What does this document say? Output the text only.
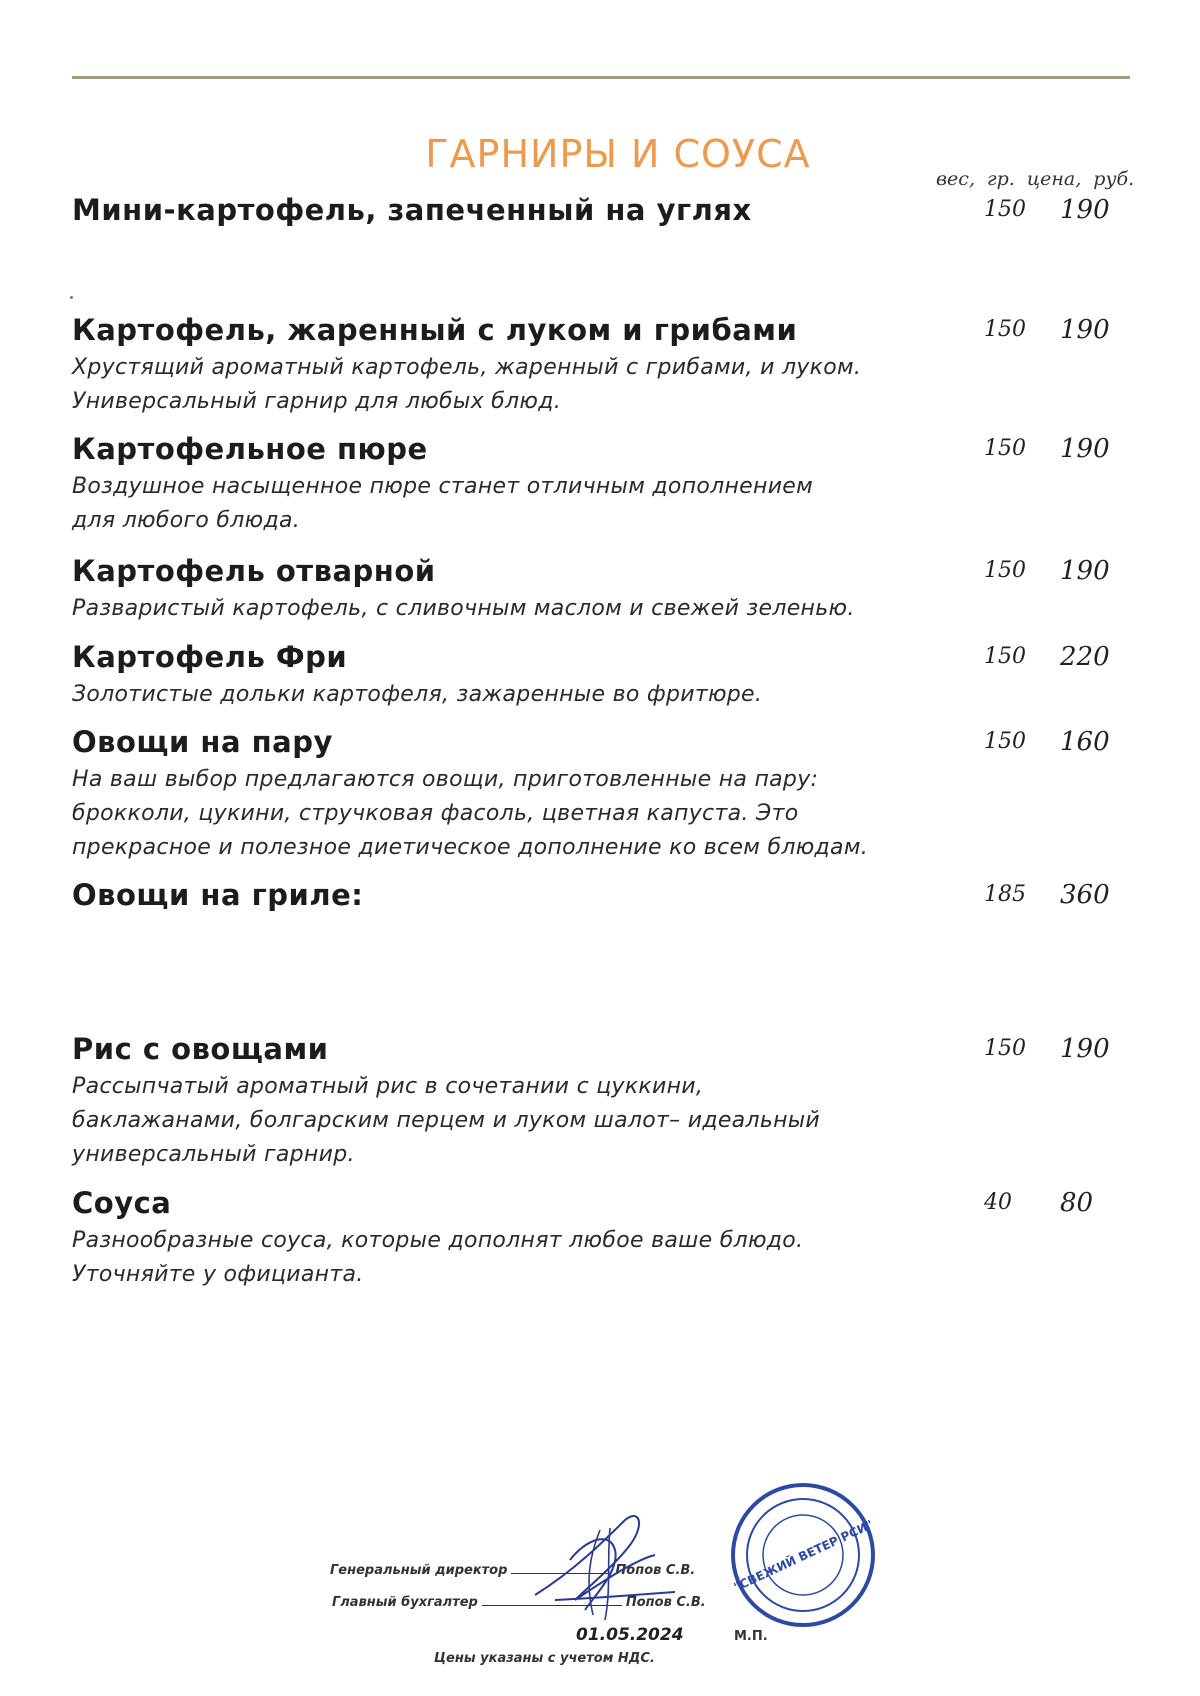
ГАРНИРЫ И СОУСА
вес, гр. цена, руб.
Мини-картофель, запеченный на углях	150 190
Картофель, жаренный с луком и грибами	150 190
Хрустящий ароматный картофель, жаренный с грибами, и луком.
Универсальный гарнир для любых блюд.
Картофельное пюре	150 190
Воздушное насыщенное пюре станет отличным дополнением
для любого блюда.
Картофель отварной	150 190
Разваристый картофель, с сливочным маслом и свежей зеленью.
Картофель Фри	150 220
Золотистые дольки картофеля, зажаренные во фритюре.
Овощи на пару	150 160
На ваш выбор предлагаются овощи, приготовленные на пару:
брокколи, цукини, стручковая фасоль, цветная капуста. Это
прекрасное и полезное диетическое дополнение ко всем блюдам.
Овощи на гриле:	185 360
Рис с овощами	150 190
Рассыпчатый ароматный рис в сочетании с цуккини,
баклажанами, болгарским перцем и луком шалот– идеальный
универсальный гарнир.
Соуса	40 80
Разнообразные соуса, которые дополнят любое ваше блюдо.
Уточняйте у официанта.
Генеральный директор	Попов С.В.
Главный бухгалтер	Попов С.В.
01.05.2024	М.П.
Цены указаны с учетом НДС.
"СВЕЖИЙ ВЕТЕР РСИ"
